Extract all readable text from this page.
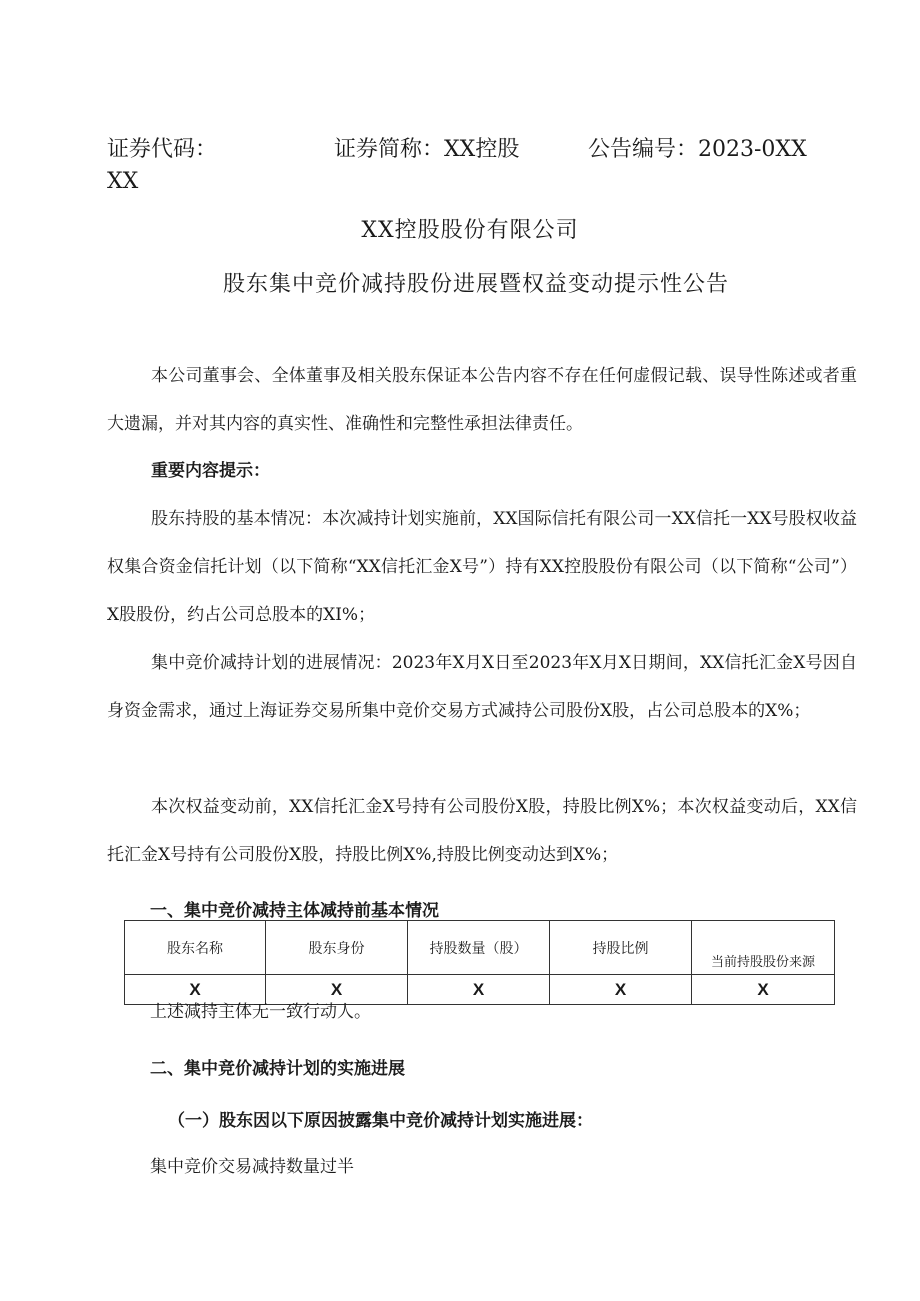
证券代码：	证券简称：XX控股	公告编号：2023-0XX
XX
XX控股股份有限公司
股东集中竞价减持股份进展暨权益变动提示性公告
本公司董事会、全体董事及相关股东保证本公告内容不存在任何虚假记载、误导性陈述或者重大遗漏，并对其内容的真实性、准确性和完整性承担法律责任。
重要内容提示：
股东持股的基本情况：本次减持计划实施前，XX国际信托有限公司一XX信托一XX号股权收益权集合资金信托计划（以下简称“XX信托汇金X号”）持有XX控股股份有限公司（以下简称“公司”）X股股份，约占公司总股本的XI%；
集中竞价减持计划的进展情况：2023年X月X日至2023年X月X日期间，XX信托汇金X号因自身资金需求，通过上海证券交易所集中竞价交易方式减持公司股份X股，占公司总股本的X%；
本次权益变动前，XX信托汇金X号持有公司股份X股，持股比例X%；本次权益变动后，XX信托汇金X号持有公司股份X股，持股比例X%,持股比例变动达到X%；
一、集中竞价减持主体减持前基本情况
股东名称	股东身份	持股数量（股）	持股比例	当前持股股份来源
X	X	X	X	X
上述减持主体无一致行动人。
二、集中竞价减持计划的实施进展
（一）股东因以下原因披露集中竞价减持计划实施进展：
集中竞价交易减持数量过半
